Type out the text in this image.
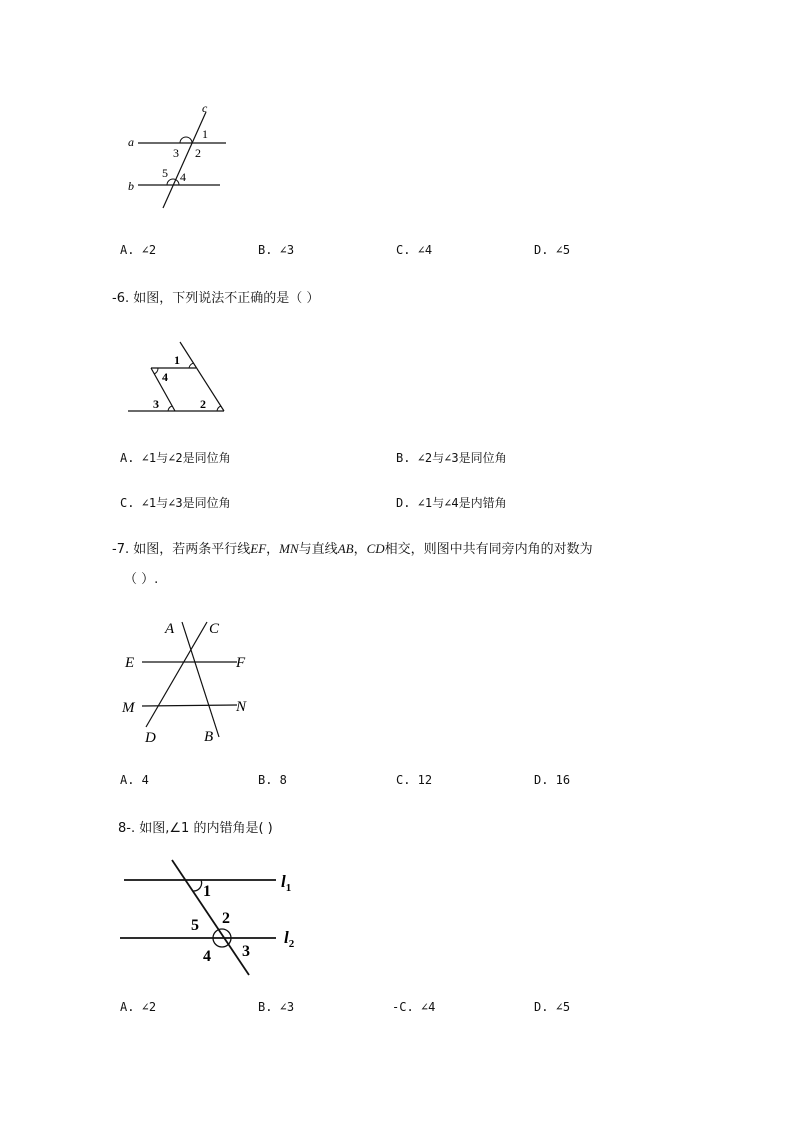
c
a
b
1
2
3
4
5
A. ∠2	B. ∠3	C. ∠4	D. ∠5
-6. 如图，下列说法不正确的是（ ）
1
4
3	2
A. ∠1与∠2是同位角	B. ∠2与∠3是同位角
C. ∠1与∠3是同位角	D. ∠1与∠4是内错角
-7. 如图，若两条平行线EF，MN与直线AB，CD相交，则图中共有同旁内角的对数为
（ ）.
A C
E	F
M	N
D	B
A. 4	B. 8	C. 12	D. 16
8-. 如图,∠1 的内错角是( )
1
2
5
4 3
$l_1$
$l_2$
A. ∠2	B. ∠3	-C. ∠4	D. ∠5
